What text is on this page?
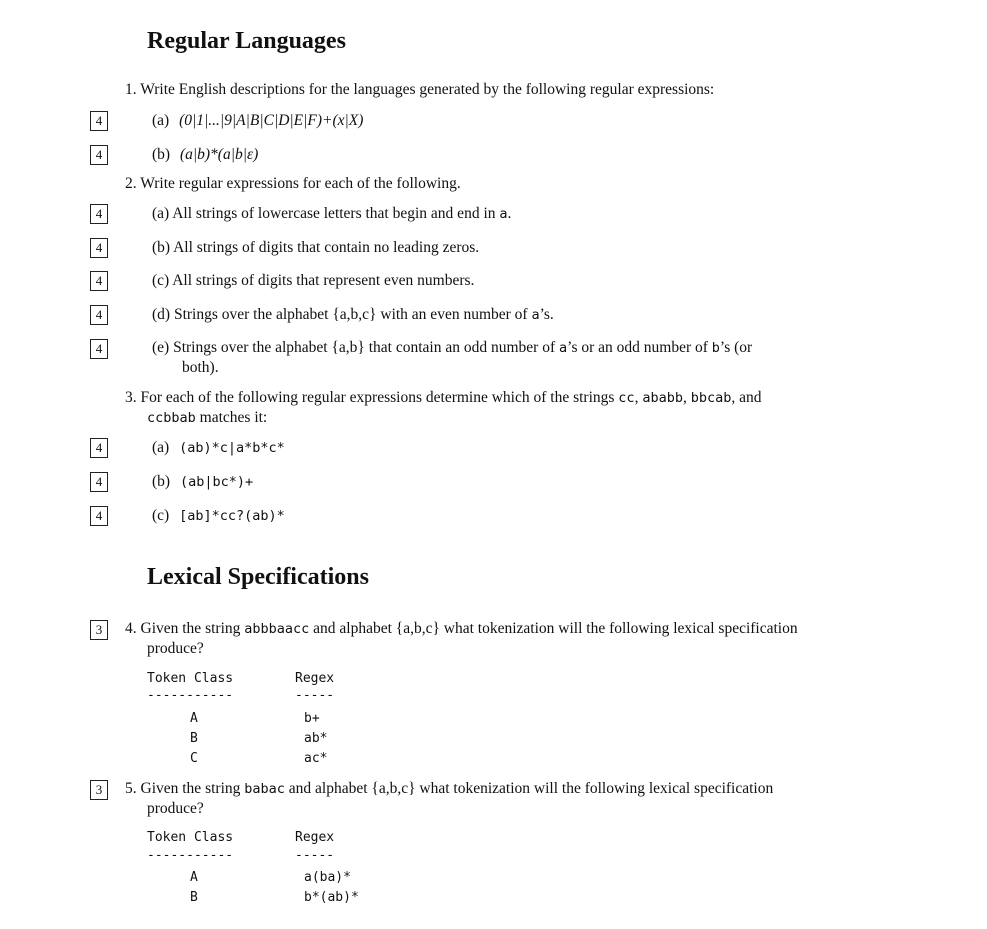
Regular Languages
1. Write English descriptions for the languages generated by the following regular expressions:
4	(a) (0|1|...|9|A|B|C|D|E|F)+(x|X)
4	(b) (a|b)*(a|b|ε)
2. Write regular expressions for each of the following.
4	(a) All strings of lowercase letters that begin and end in a.
4	(b) All strings of digits that contain no leading zeros.
4	(c) All strings of digits that represent even numbers.
4	(d) Strings over the alphabet {a,b,c} with an even number of a’s.
4	(e) Strings over the alphabet {a,b} that contain an odd number of a’s or an odd number of b’s (or
both).
3. For each of the following regular expressions determine which of the strings cc, ababb, bbcab, and
ccbbab matches it:
4	(a) (ab)*c|a*b*c*
4	(b) (ab|bc*)+
4	(c) [ab]*cc?(ab)*
Lexical Specifications
3	4. Given the string abbbaacc and alphabet {a,b,c} what tokenization will the following lexical specification
produce?
Token Class	Regex
-----------	-----
A	b+
B	ab*
C	ac*
3	5. Given the string babac and alphabet {a,b,c} what tokenization will the following lexical specification
produce?
Token Class	Regex
-----------	-----
A	a(ba)*
B	b*(ab)*
